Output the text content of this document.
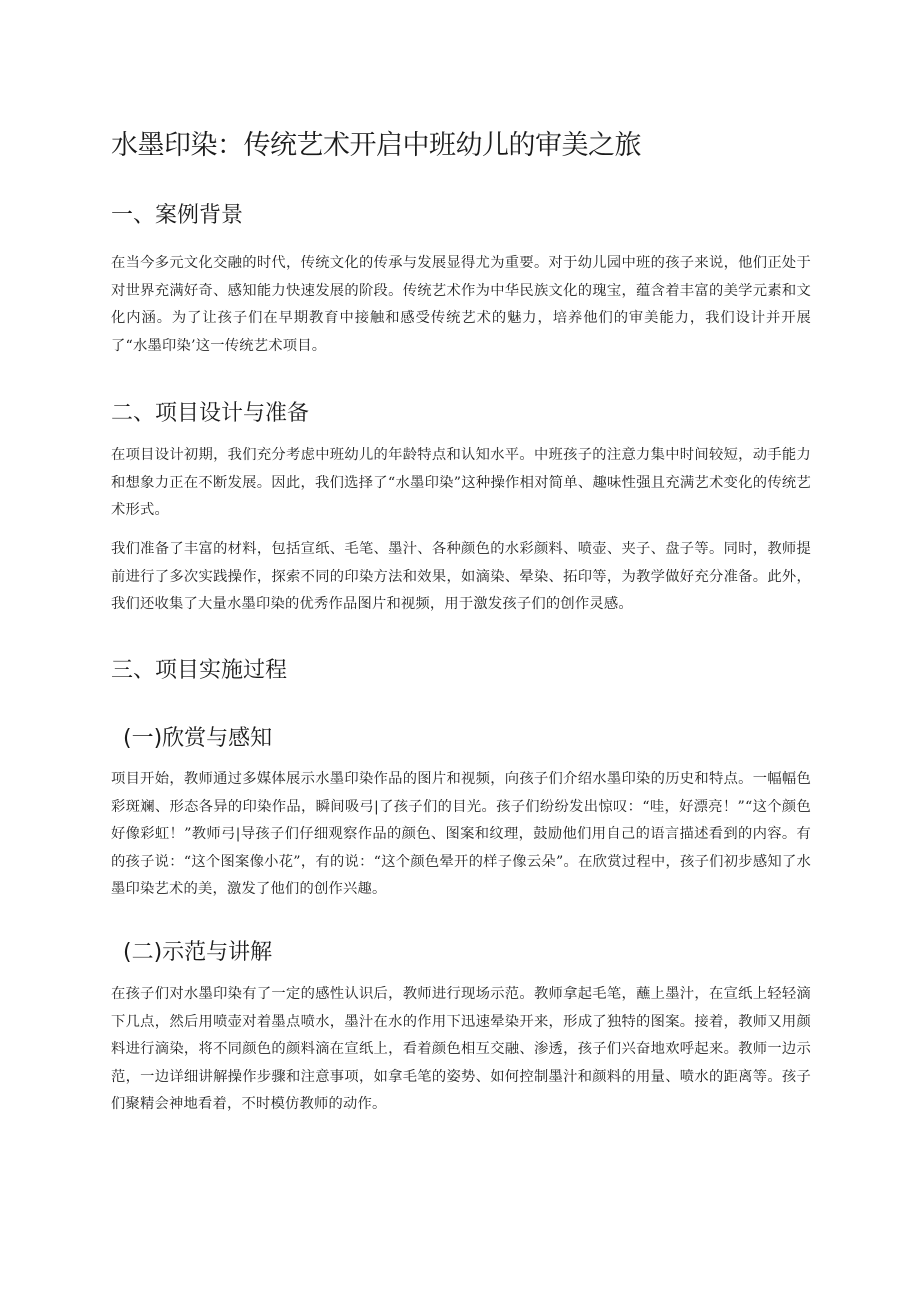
水墨印染：传统艺术开启中班幼儿的审美之旅
一、案例背景

在当今多元文化交融的时代，传统文化的传承与发展显得尤为重要。对于幼儿园中班的孩子来说，他们正处于对世界充满好奇、感知能力快速发展的阶段。传统艺术作为中华民族文化的瑰宝，蕴含着丰富的美学元素和文化内涵。为了让孩子们在早期教育中接触和感受传统艺术的魅力，培养他们的审美能力，我们设计并开展了“水墨印染’这一传统艺术项目。

二、项目设计与准备

在项目设计初期，我们充分考虑中班幼儿的年龄特点和认知水平。中班孩子的注意力集中时间较短，动手能力和想象力正在不断发展。因此，我们选择了“水墨印染”这种操作相对简单、趣味性强且充满艺术变化的传统艺术形式。

我们准备了丰富的材料，包括宣纸、毛笔、墨汁、各种颜色的水彩颜料、喷壶、夹子、盘子等。同时，教师提前进行了多次实践操作，探索不同的印染方法和效果，如滴染、晕染、拓印等，为教学做好充分准备。此外，我们还收集了大量水墨印染的优秀作品图片和视频，用于激发孩子们的创作灵感。

三、项目实施过程
(一)欣赏与感知

项目开始，教师通过多媒体展示水墨印染作品的图片和视频，向孩子们介绍水墨印染的历史和特点。一幅幅色彩斑斓、形态各异的印染作品，瞬间吸弓|了孩子们的目光。孩子们纷纷发出惊叹：“哇，好漂亮！”“这个颜色好像彩虹！”教师弓|导孩子们仔细观察作品的颜色、图案和纹理，鼓励他们用自己的语言描述看到的内容。有的孩子说：“这个图案像小花”，有的说：“这个颜色晕开的样子像云朵”。在欣赏过程中，孩子们初步感知了水墨印染艺术的美，激发了他们的创作兴趣。

(二)示范与讲解

在孩子们对水墨印染有了一定的感性认识后，教师进行现场示范。教师拿起毛笔，蘸上墨汁，在宣纸上轻轻滴下几点，然后用喷壶对着墨点喷水，墨汁在水的作用下迅速晕染开来，形成了独特的图案。接着，教师又用颜料进行滴染，将不同颜色的颜料滴在宣纸上，看着颜色相互交融、渗透，孩子们兴奋地欢呼起来。教师一边示范，一边详细讲解操作步骤和注意事项，如拿毛笔的姿势、如何控制墨汁和颜料的用量、喷水的距离等。孩子们聚精会神地看着，不时模仿教师的动作。
